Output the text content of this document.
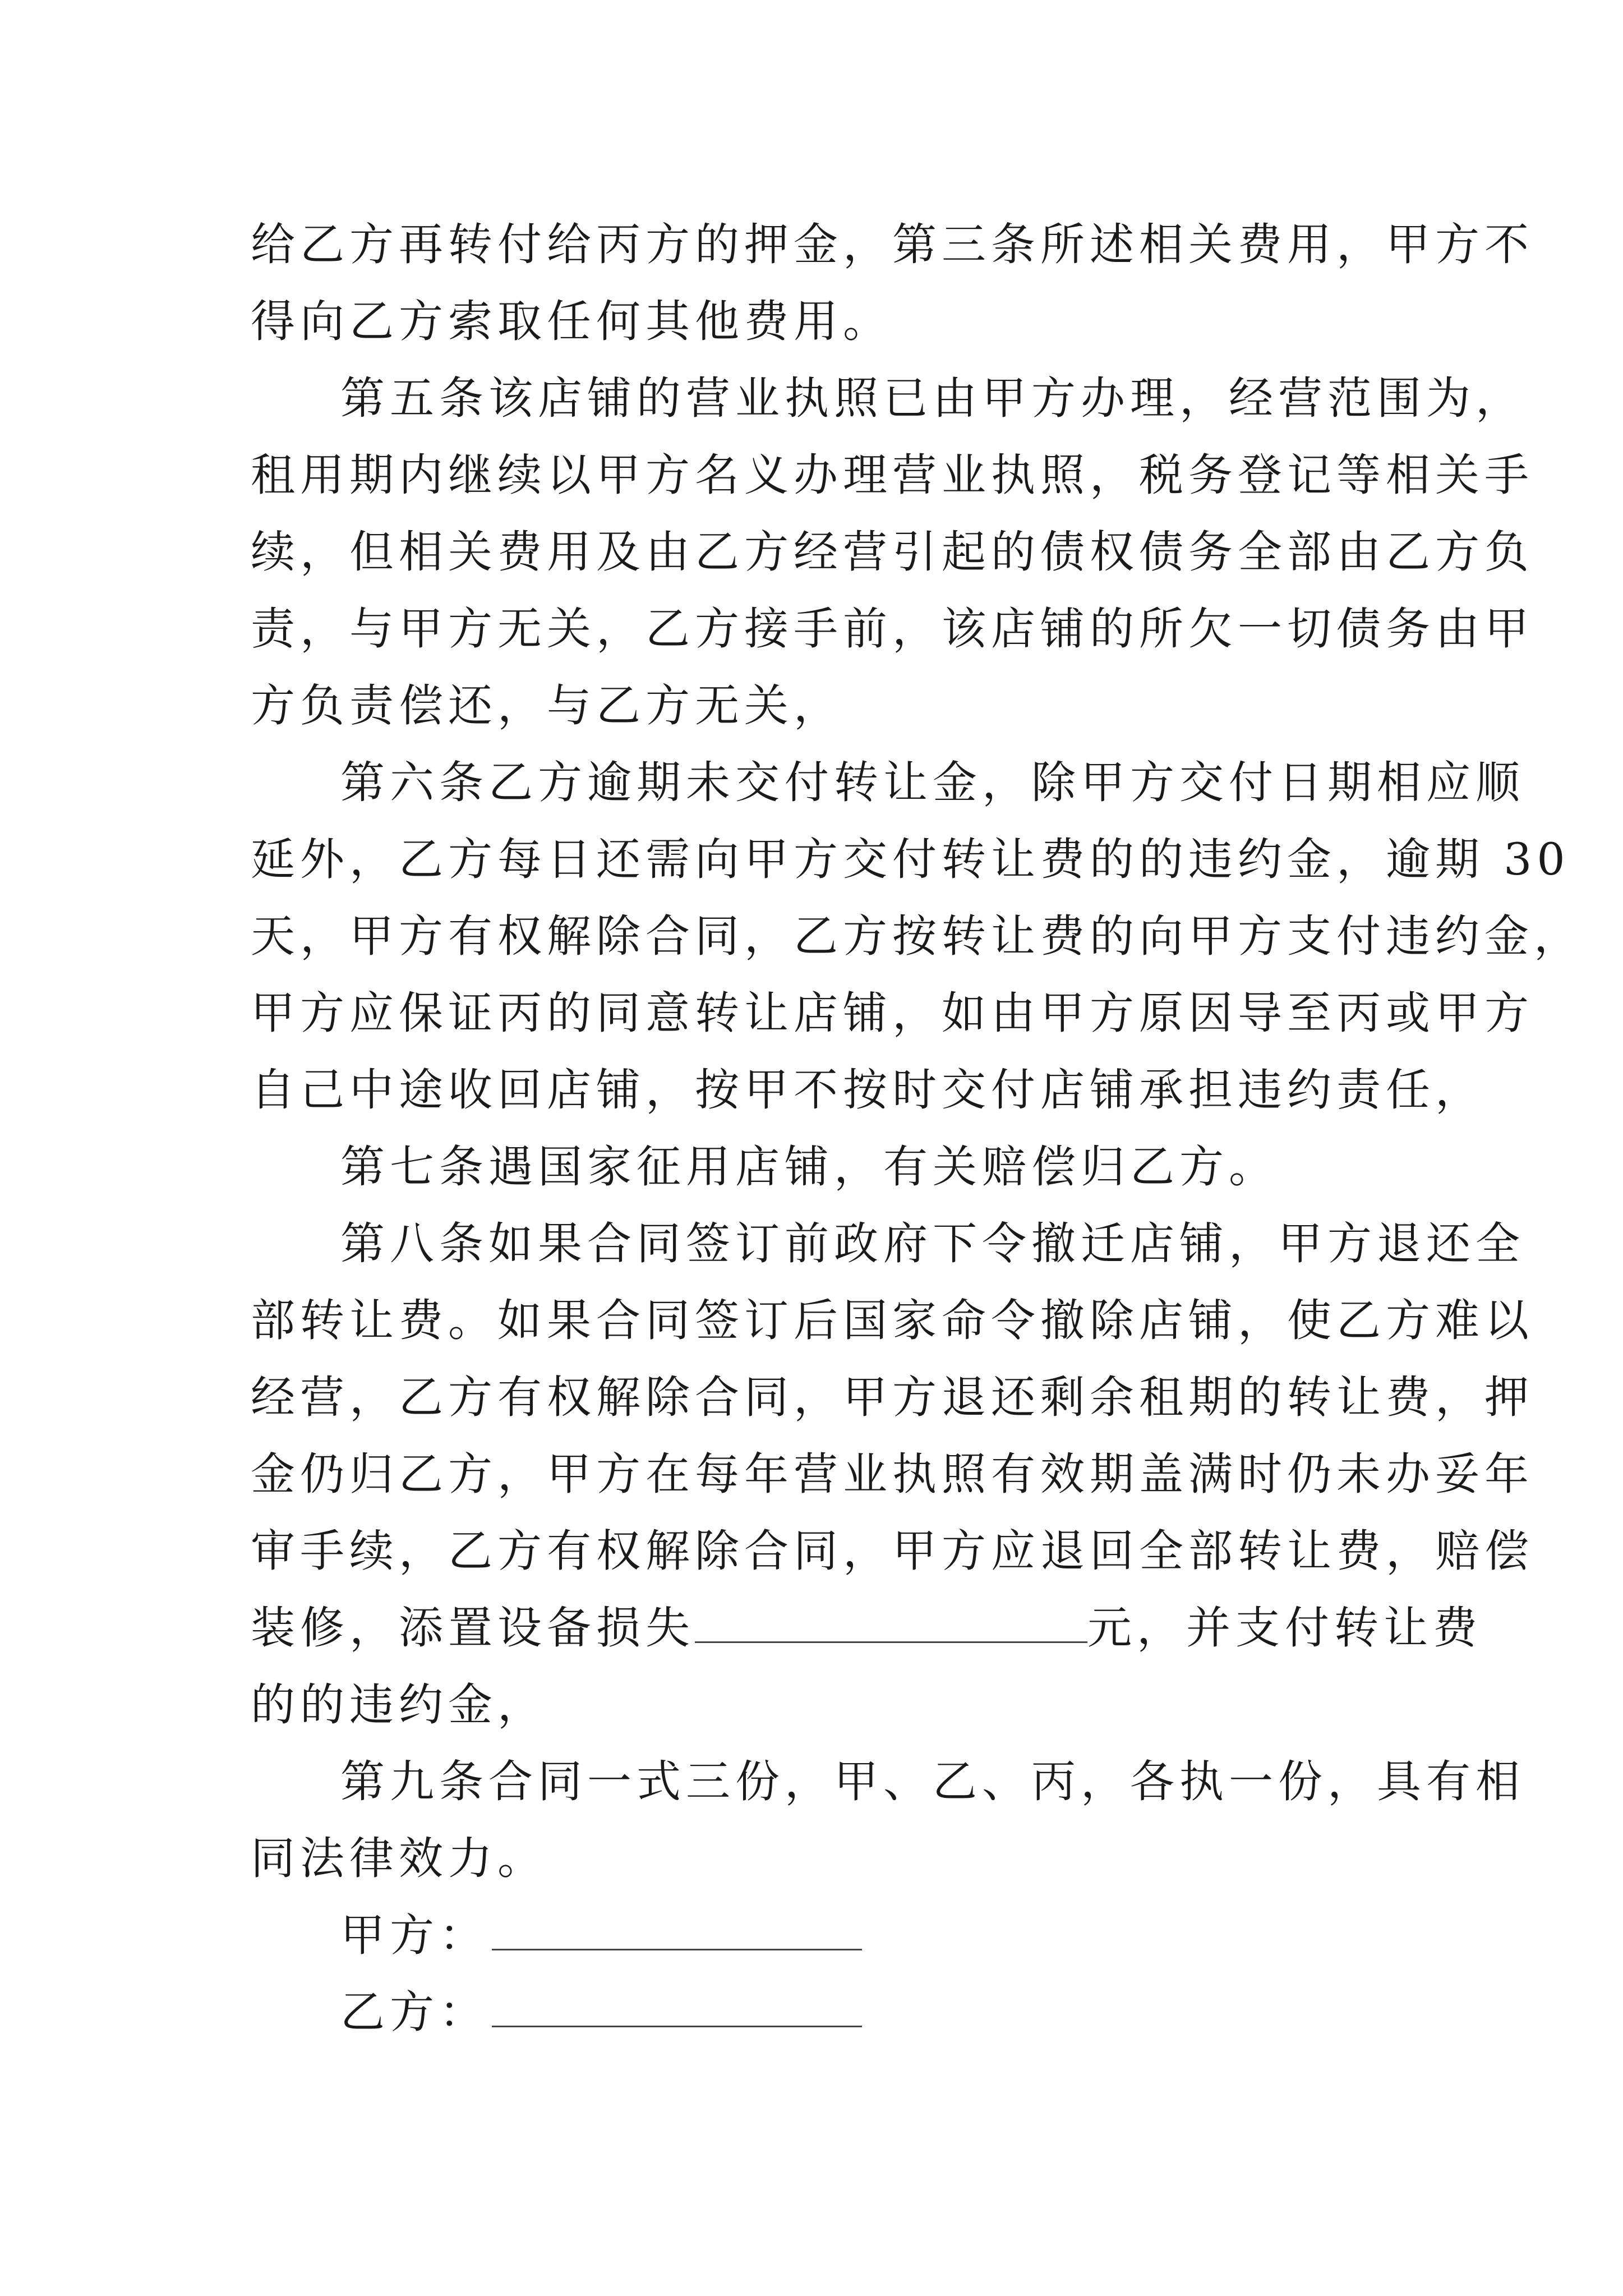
给乙方再转付给丙方的押金，第三条所述相关费用，甲方不
得向乙方索取任何其他费用。
第五条该店铺的营业执照已由甲方办理，经营范围为，
租用期内继续以甲方名义办理营业执照，税务登记等相关手
续，但相关费用及由乙方经营引起的债权债务全部由乙方负
责，与甲方无关，乙方接手前，该店铺的所欠一切债务由甲
方负责偿还，与乙方无关，
第六条乙方逾期未交付转让金，除甲方交付日期相应顺
延外，乙方每日还需向甲方交付转让费的的违约金，逾期 30
天，甲方有权解除合同，乙方按转让费的向甲方支付违约金，
甲方应保证丙的同意转让店铺，如由甲方原因导至丙或甲方
自己中途收回店铺，按甲不按时交付店铺承担违约责任，
第七条遇国家征用店铺，有关赔偿归乙方。
第八条如果合同签订前政府下令撤迁店铺，甲方退还全
部转让费。如果合同签订后国家命令撤除店铺，使乙方难以
经营，乙方有权解除合同，甲方退还剩余租期的转让费，押
金仍归乙方，甲方在每年营业执照有效期盖满时仍未办妥年
审手续，乙方有权解除合同，甲方应退回全部转让费，赔偿
装修，添置设备损失	元，并支付转让费
的的违约金，
第九条合同一式三份，甲、乙、丙，各执一份，具有相
同法律效力。
甲方：
乙方：
